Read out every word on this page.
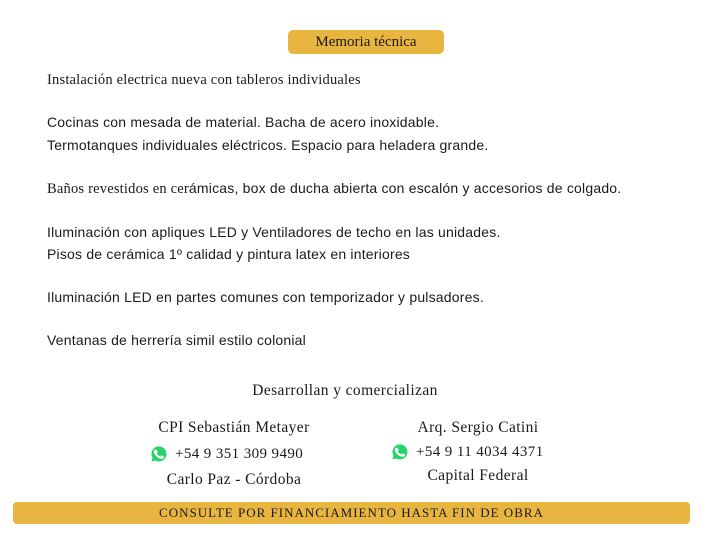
Memoria técnica
Instalación electrica nueva con tableros individuales
Cocinas con mesada de material. Bacha de acero inoxidable.
Termotanques individuales eléctricos. Espacio para heladera grande.
Baños revestidos en cerámicas, box de ducha abierta con escalón y accesorios de colgado.
Iluminación con apliques LED y Ventiladores de techo en las unidades.
Pisos de cerámica 1º calidad y pintura latex en interiores
Iluminación LED en partes comunes con temporizador y pulsadores.
Ventanas de herrería simil estilo colonial
Desarrollan y comercializan
CPI Sebastián Metayer
+54 9 351 309 9490
Carlo Paz - Córdoba
Arq. Sergio Catini
+54 9 11 4034 4371
Capital Federal
CONSULTE POR FINANCIAMIENTO HASTA FIN DE OBRA
